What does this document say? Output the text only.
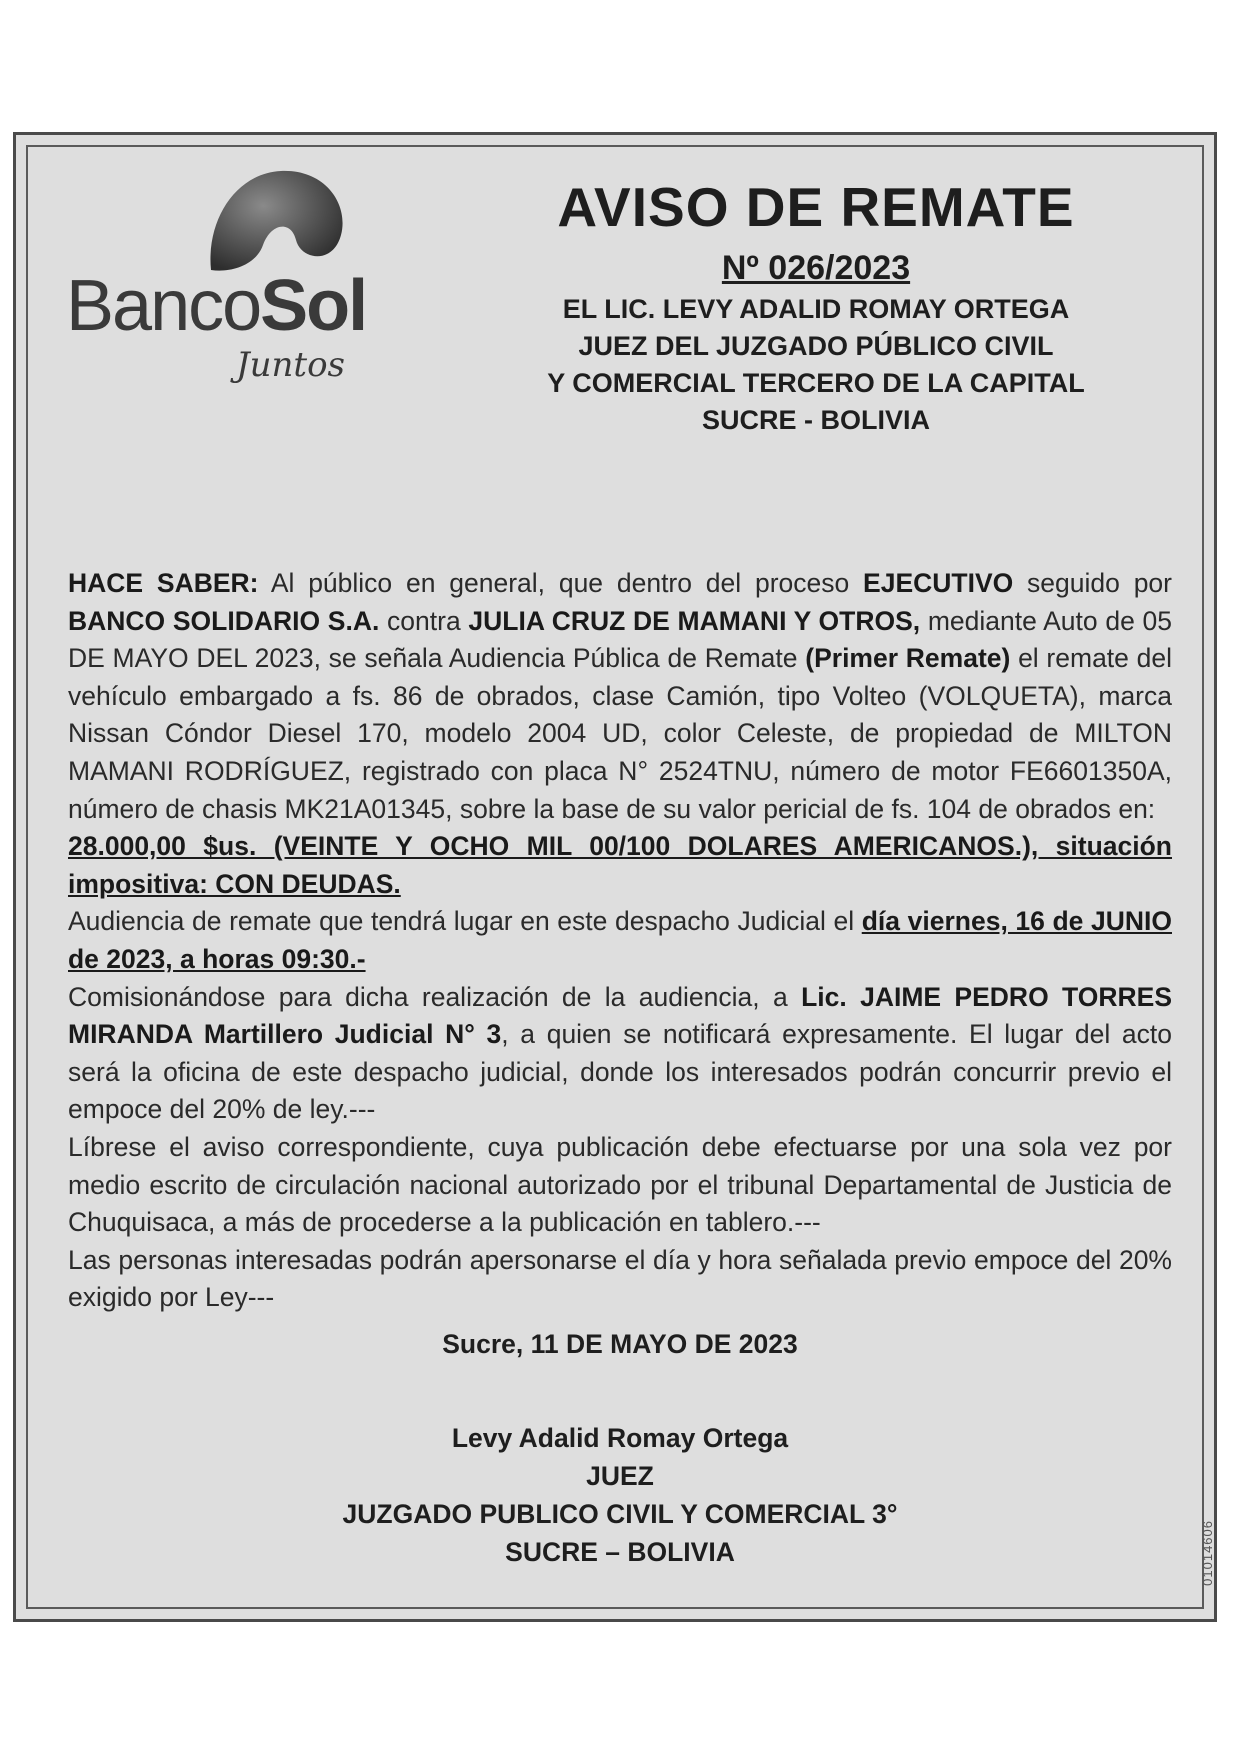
BancoSol
Juntos
AVISO DE REMATE
Nº 026/2023
EL LIC. LEVY ADALID ROMAY ORTEGA
JUEZ DEL JUZGADO PÚBLICO CIVIL
Y COMERCIAL TERCERO DE LA CAPITAL
SUCRE - BOLIVIA

HACE SABER: Al público en general, que dentro del proceso EJECUTIVO seguido por BANCO SOLIDARIO S.A. contra JULIA CRUZ DE MAMANI Y OTROS, mediante Auto de 05 DE MAYO DEL 2023, se señala Audiencia Pública de Remate (Primer Remate) el remate del vehículo embargado a fs. 86 de obrados, clase Camión, tipo Volteo (VOLQUETA), marca Nissan Cóndor Diesel 170, modelo 2004 UD, color Celeste, de propiedad de MILTON MAMANI RODRÍGUEZ, registrado con placa N° 2524TNU, número de motor FE6601350A, número de chasis MK21A01345, sobre la base de su valor pericial de fs. 104 de obrados en:

28.000,00 $us. (VEINTE Y OCHO MIL 00/100 DOLARES AMERICANOS.), situación impositiva: CON DEUDAS.

Audiencia de remate que tendrá lugar en este despacho Judicial el día viernes, 16 de JUNIO de 2023, a horas 09:30.-

Comisionándose para dicha realización de la audiencia, a Lic. JAIME PEDRO TORRES MIRANDA Martillero Judicial N° 3, a quien se notificará expresamente. El lugar del acto será la oficina de este despacho judicial, donde los interesados podrán concurrir previo el empoce del 20% de ley.---

Líbrese el aviso correspondiente, cuya publicación debe efectuarse por una sola vez por medio escrito de circulación nacional autorizado por el tribunal Departamental de Justicia de Chuquisaca, a más de procederse a la publicación en tablero.---

Las personas interesadas podrán apersonarse el día y hora señalada previo empoce del 20% exigido por Ley---

Sucre, 11 DE MAYO DE 2023
Levy Adalid Romay Ortega
JUEZ
JUZGADO PUBLICO CIVIL Y COMERCIAL 3°
SUCRE – BOLIVIA	01014606
